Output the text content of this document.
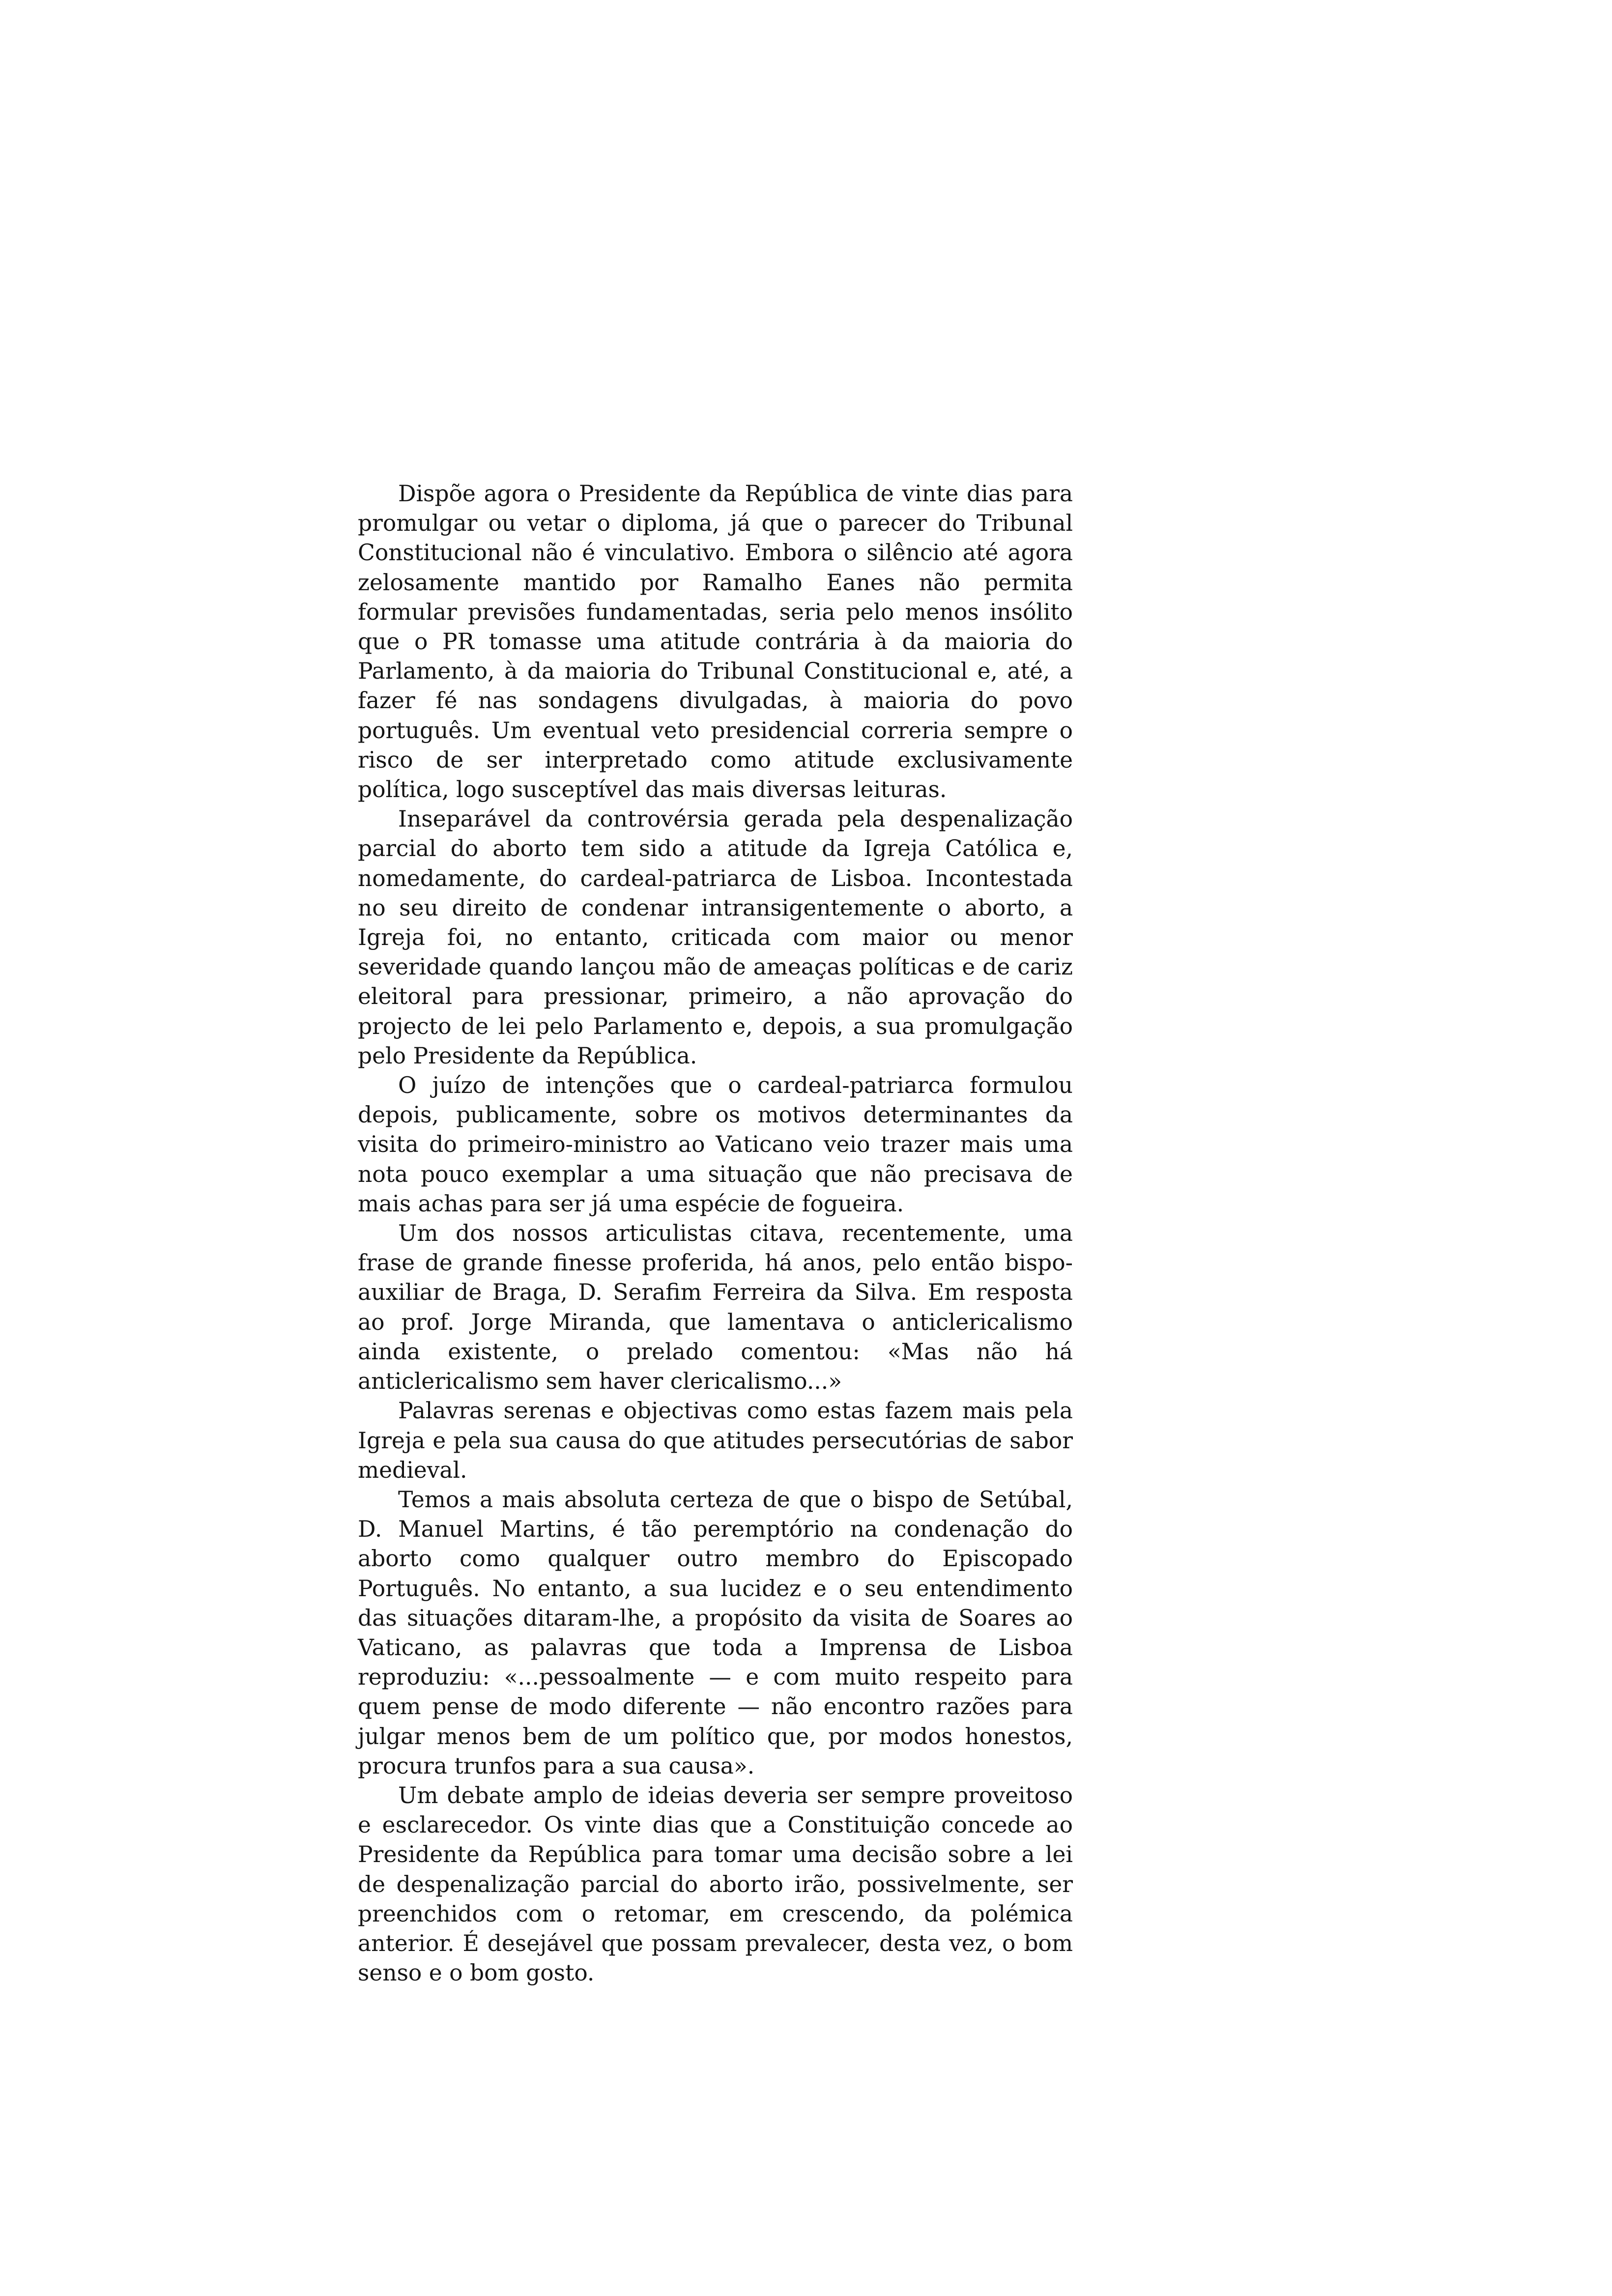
Dispõe agora o Presidente da República de vinte dias para promulgar ou vetar o diploma, já que o parecer do Tribunal Constitucional não é vinculativo. Embora o silêncio até agora zelosamente mantido por Ramalho Eanes não permita formular previsões fundamentadas, seria pelo menos insólito que o PR tomasse uma atitude contrária à da maioria do Parlamento, à da maioria do Tribunal Constitucional e, até, a fazer fé nas sondagens divulgadas, à maioria do povo português. Um eventual veto presidencial correria sempre o risco de ser interpretado como atitude exclusivamente política, logo susceptível das mais diversas leituras.

Inseparável da controvérsia gerada pela despenalização parcial do aborto tem sido a atitude da Igreja Católica e, nomedamente, do cardeal-patriarca de Lisboa. Incontestada no seu direito de condenar intransigentemente o aborto, a Igreja foi, no entanto, criticada com maior ou menor severidade quando lançou mão de ameaças políticas e de cariz eleitoral para pressionar, primeiro, a não aprovação do projecto de lei pelo Parlamento e, depois, a sua promulgação pelo Presidente da República.

O juízo de intenções que o cardeal-patriarca formulou depois, publicamente, sobre os motivos determinantes da visita do primeiro-ministro ao Vaticano veio trazer mais uma nota pouco exemplar a uma situação que não precisava de mais achas para ser já uma espécie de fogueira.

Um dos nossos articulistas citava, recentemente, uma frase de grande finesse proferida, há anos, pelo então bispo-auxiliar de Braga, D. Serafim Ferreira da Silva. Em resposta ao prof. Jorge Miranda, que lamentava o anticlericalismo ainda existente, o prelado comentou: «Mas não há anticlericalismo sem haver clericalismo...»

Palavras serenas e objectivas como estas fazem mais pela Igreja e pela sua causa do que atitudes persecutórias de sabor medieval.

Temos a mais absoluta certeza de que o bispo de Setúbal, D. Manuel Martins, é tão peremptório na condenação do aborto como qualquer outro membro do Episcopado Português. No entanto, a sua lucidez e o seu entendimento das situações ditaram-lhe, a propósito da visita de Soares ao Vaticano, as palavras que toda a Imprensa de Lisboa reproduziu: «...pessoalmente — e com muito respeito para quem pense de modo diferente — não encontro razões para julgar menos bem de um político que, por modos honestos, procura trunfos para a sua causa».

Um debate amplo de ideias deveria ser sempre proveitoso e esclarecedor. Os vinte dias que a Constituição concede ao Presidente da República para tomar uma decisão sobre a lei de despenalização parcial do aborto irão, possivelmente, ser preenchidos com o retomar, em crescendo, da polémica anterior. É desejável que possam prevalecer, desta vez, o bom senso e o bom gosto.
